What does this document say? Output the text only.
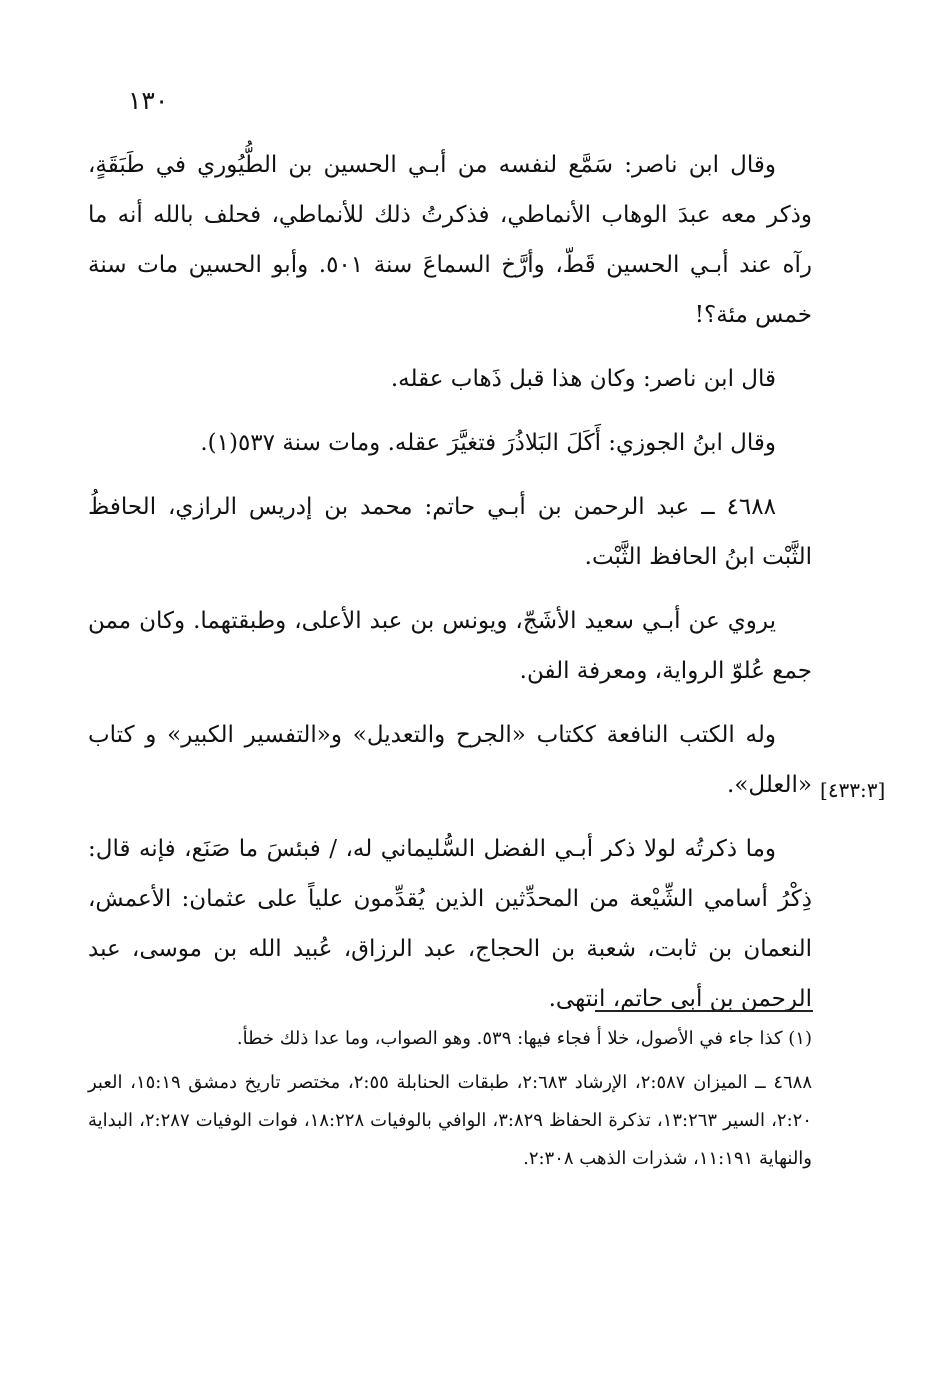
١٣٠
[٤٣٣:٣]

وقال ابن ناصر: سَمَّع لنفسه من أبـي الحسين بن الطُّيُوري في طَبَقَةٍ، وذكر معه عبدَ الوهاب الأنماطي، فذكرتُ ذلك للأنماطي، فحلف بالله أنه ما رآه عند أبـي الحسين قَطّ، وأرَّخ السماعَ سنة ٥٠١. وأبو الحسين مات سنة خمس مئة؟!

قال ابن ناصر: وكان هذا قبل ذَهاب عقله.

وقال ابنُ الجوزي: أَكَلَ البَلاذُرَ فتغيَّرَ عقله. ومات سنة ٥٣٧(١).

٤٦٨٨ ــ عبد الرحمن بن أبـي حاتم: محمد بن إدريس الرازي، الحافظُ الثَّبْت ابنُ الحافظ الثَّبْت.

يروي عن أبـي سعيد الأشَجّ، ويونس بن عبد الأعلى، وطبقتهما. وكان ممن جمع عُلوّ الرواية، ومعرفة الفن.

وله الكتب النافعة ككتاب «الجرح والتعديل» و«التفسير الكبير» و كتاب «العلل».

وما ذكرتُه لولا ذكر أبـي الفضل السُّليماني له، / فبئسَ ما صَنَع، فإنه قال: ذِكْرُ أسامي الشِّيْعة من المحدِّثين الذين يُقدِّمون علياً على عثمان: الأعمش، النعمان بن ثابت، شعبة بن الحجاج، عبد الرزاق، عُبيد الله بن موسى، عبد الرحمن بن أبي حاتم، انتهى.

(١) كذا جاء في الأصول، خلا أ فجاء فيها: ٥٣٩. وهو الصواب، وما عدا ذلك خطأ.

٤٦٨٨ ــ الميزان ٢:٥٨٧، الإرشاد ٢:٦٨٣، طبقات الحنابلة ٢:٥٥، مختصر تاريخ دمشق ١٥:١٩، العبر ٢:٢٠، السير ١٣:٢٦٣، تذكرة الحفاظ ٣:٨٢٩، الوافي بالوفيات ١٨:٢٢٨، فوات الوفيات ٢:٢٨٧، البداية والنهاية ١١:١٩١، شذرات الذهب ٢:٣٠٨.
